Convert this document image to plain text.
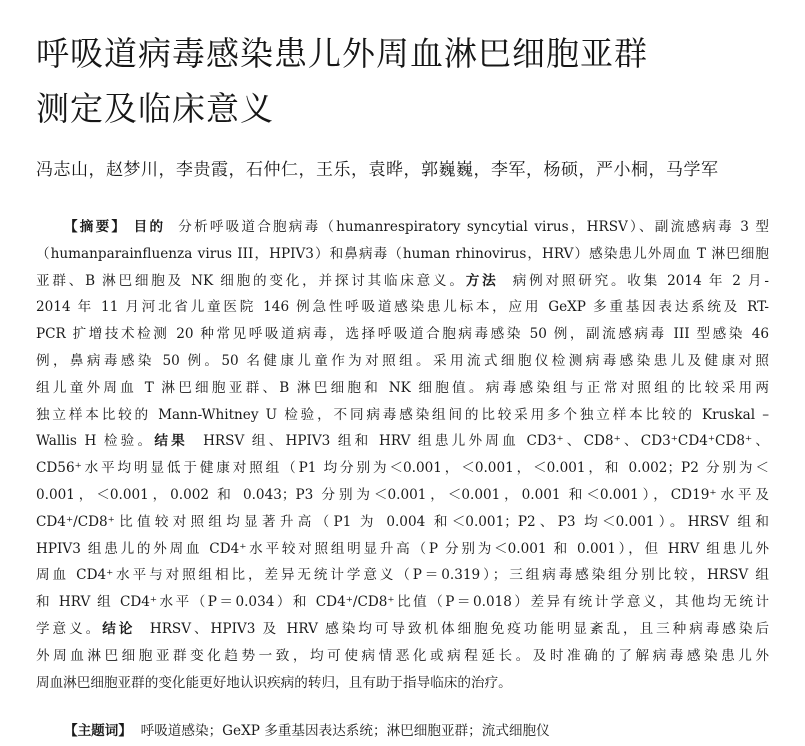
呼吸道病毒感染患儿外周血淋巴细胞亚群
测定及临床意义
冯志山，赵梦川，李贵霞，石仲仁，王乐，袁晔，郭巍巍，李军，杨硕，严小桐，马学军
【摘要】 目的 分析呼吸道合胞病毒（humanrespiratory syncytial virus，HRSV）、副流感病毒 3 型
（humanparainfluenza virus III，HPIV3）和鼻病毒（human rhinovirus，HRV）感染患儿外周血 T 淋巴细胞
亚群、B 淋巴细胞及 NK 细胞的变化，并探讨其临床意义。方法 病例对照研究。收集 2014 年 2 月-
2014 年 11 月河北省儿童医院 146 例急性呼吸道感染患儿标本，应用 GeXP 多重基因表达系统及 RT-
PCR 扩增技术检测 20 种常见呼吸道病毒，选择呼吸道合胞病毒感染 50 例，副流感病毒 III 型感染 46
例，鼻病毒感染 50 例。50 名健康儿童作为对照组。采用流式细胞仪检测病毒感染患儿及健康对照
组儿童外周血 T 淋巴细胞亚群、B 淋巴细胞和 NK 细胞值。病毒感染组与正常对照组的比较采用两
独立样本比较的 Mann-Whitney U 检验，不同病毒感染组间的比较采用多个独立样本比较的 Kruskal –
Wallis H 检验。结果 HRSV 组、HPIV3 组和 HRV 组患儿外周血 CD3⁺、CD8⁺、CD3⁺CD4⁺CD8⁺、
CD56⁺水平均明显低于健康对照组（P1 均分别为＜0.001，＜0.001，＜0.001，和 0.002；P2 分别为＜
0.001，＜0.001，0.002 和 0.043；P3 分别为＜0.001，＜0.001，0.001 和＜0.001），CD19⁺水平及
CD4⁺/CD8⁺比值较对照组均显著升高（P1 为 0.004 和＜0.001；P2、P3 均＜0.001）。HRSV 组和
HPIV3 组患儿的外周血 CD4⁺水平较对照组明显升高（P 分别为＜0.001 和 0.001），但 HRV 组患儿外
周血 CD4⁺水平与对照组相比，差异无统计学意义（P＝0.319）；三组病毒感染组分别比较，HRSV 组
和 HRV 组 CD4⁺水平（P＝0.034）和 CD4⁺/CD8⁺比值（P＝0.018）差异有统计学意义，其他均无统计
学意义。结论 HRSV、HPIV3 及 HRV 感染均可导致机体细胞免疫功能明显紊乱，且三种病毒感染后
外周血淋巴细胞亚群变化趋势一致，均可使病情恶化或病程延长。及时准确的了解病毒感染患儿外
周血淋巴细胞亚群的变化能更好地认识疾病的转归，且有助于指导临床的治疗。
【主题词】 呼吸道感染；GeXP 多重基因表达系统；淋巴细胞亚群；流式细胞仪
